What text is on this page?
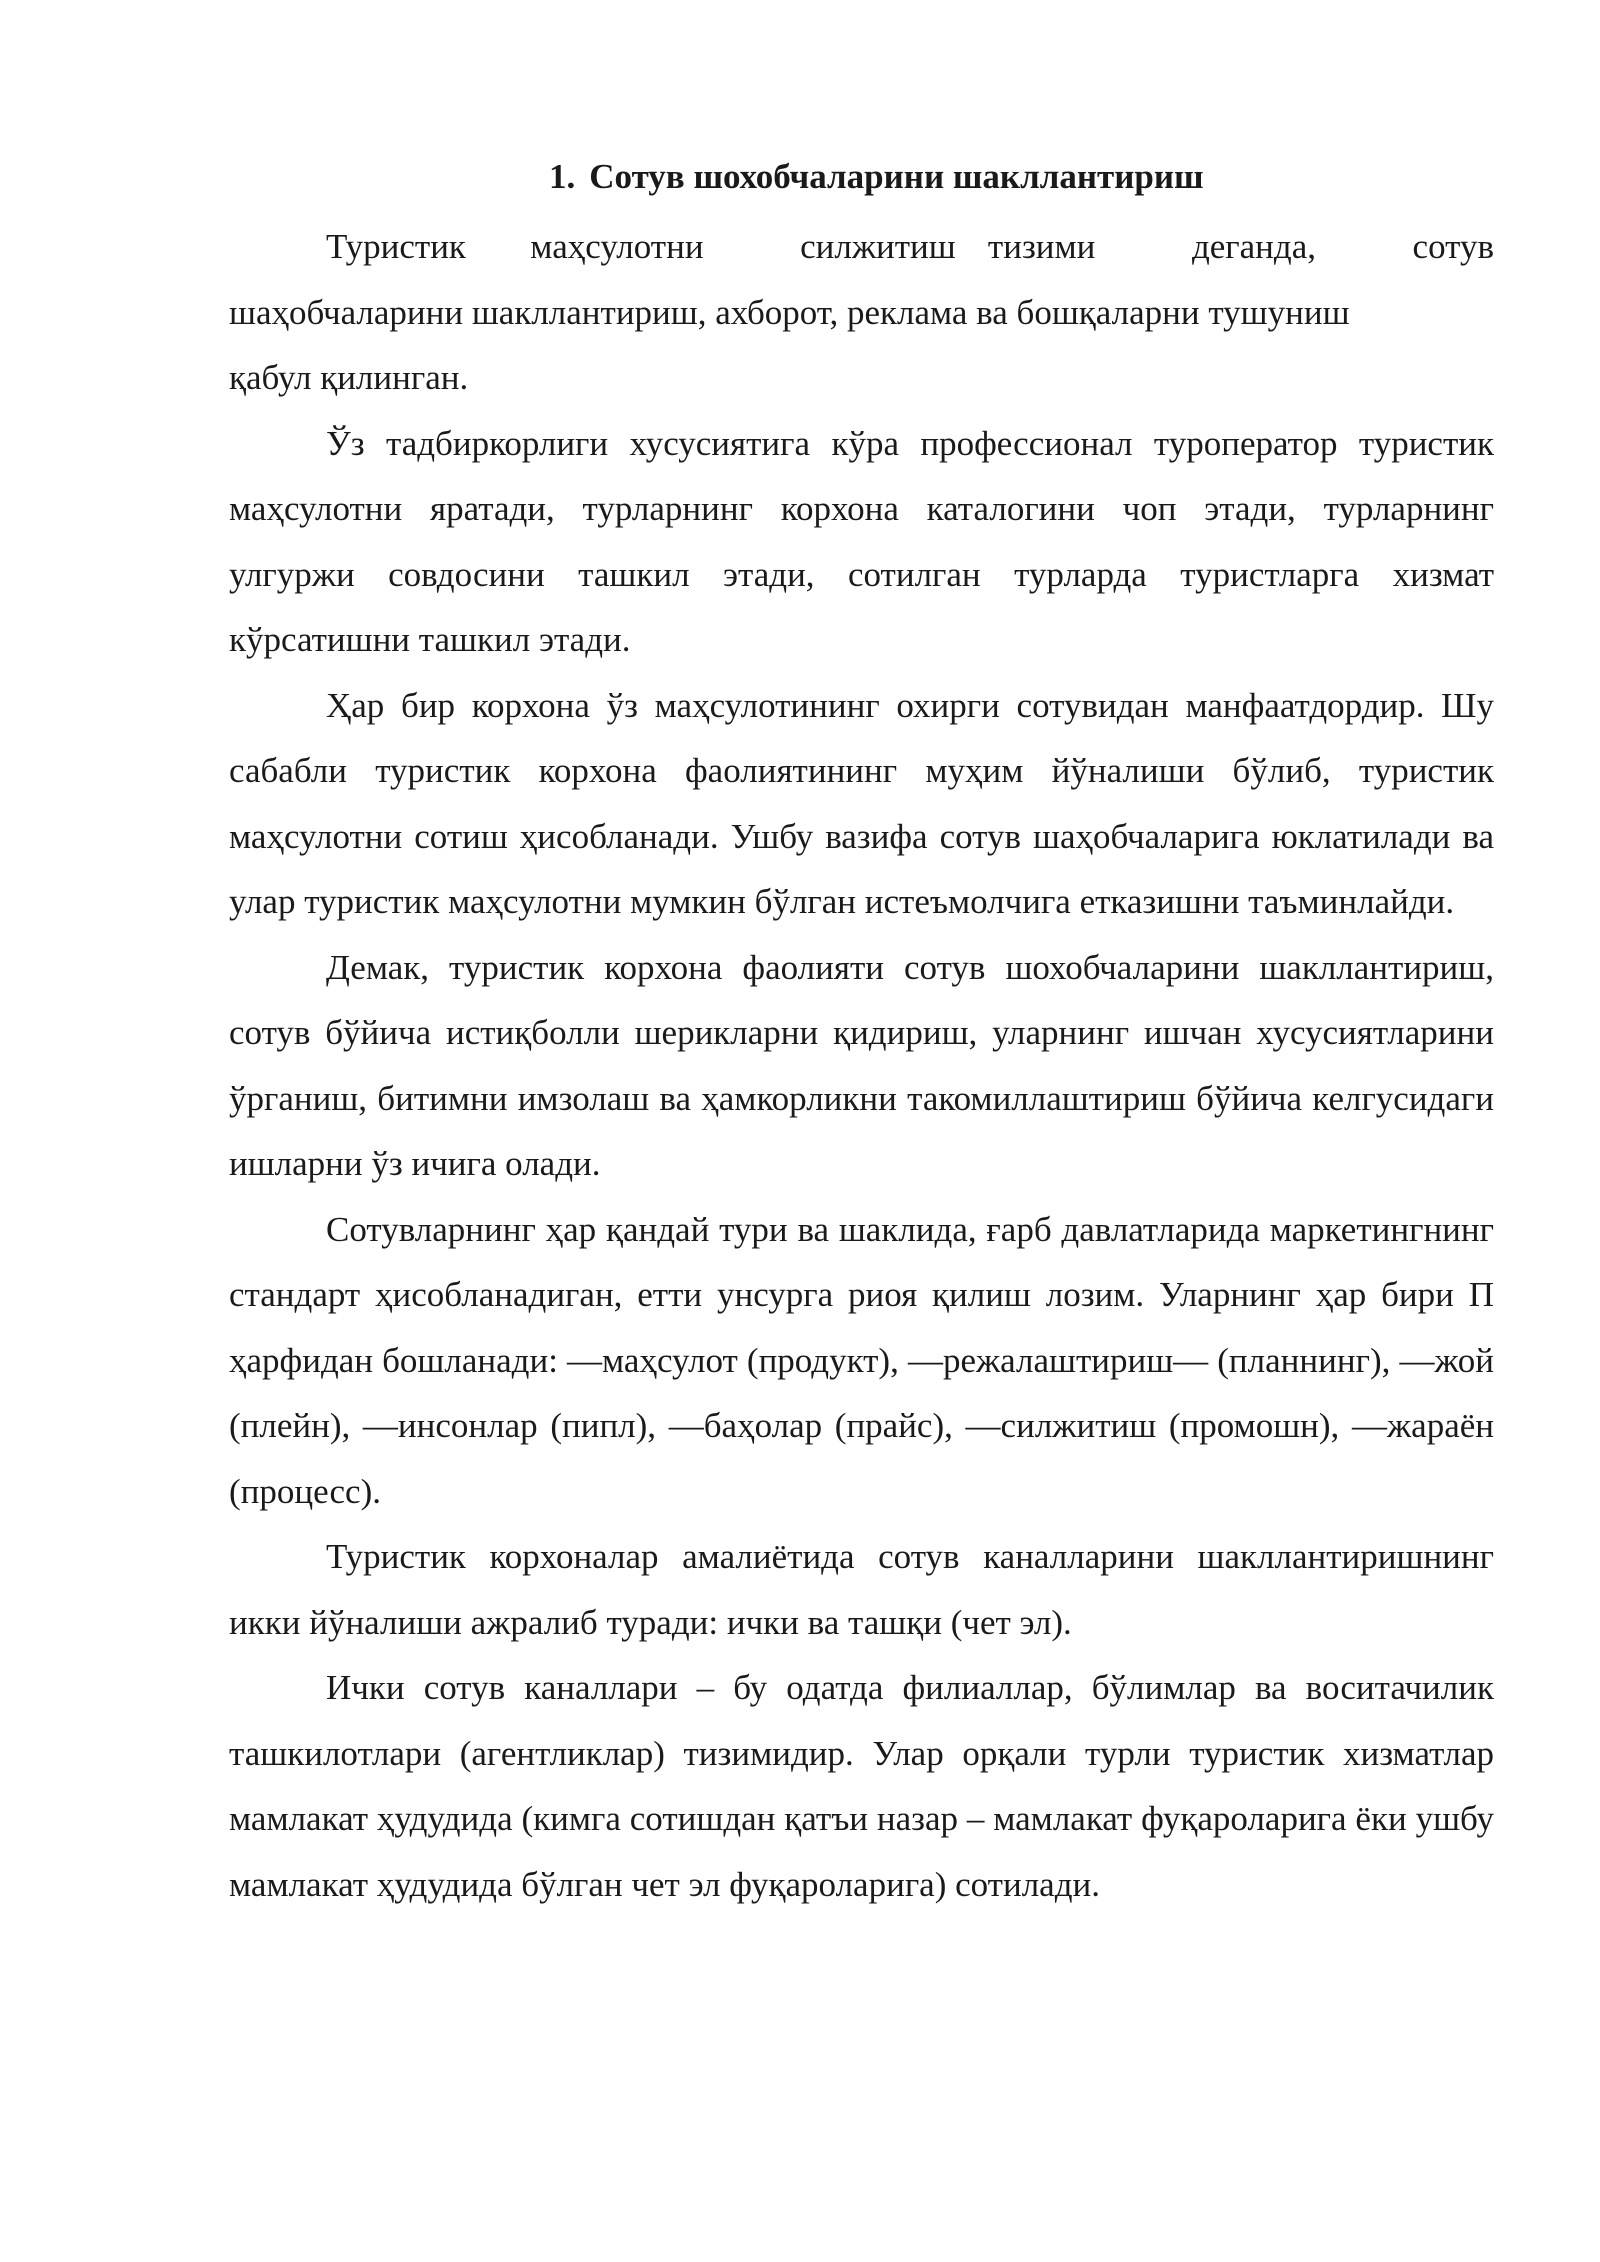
1. Сотув шохобчаларини шакллантириш

Туристик    маҳсулотни      силжитиш  тизими      деганда,      сотув
шаҳобчаларини шакллантириш, ахборот, реклама ва бошқаларни тушуниш
қабул қилинган.

Ўз тадбиркорлиги хусусиятига кўра профессионал туроператор туристик маҳсулотни яратади, турларнинг корхона каталогини чоп этади, турларнинг улгуржи совдосини ташкил этади, сотилган турларда туристларга хизмат кўрсатишни ташкил этади.

Ҳар бир корхона ўз маҳсулотининг охирги сотувидан манфаатдордир. Шу сабабли туристик корхона фаолиятининг муҳим йўналиши бўлиб, туристик маҳсулотни сотиш ҳисобланади. Ушбу вазифа сотув шаҳобчаларига юклатилади ва улар туристик маҳсулотни мумкин бўлган истеъмолчига етказишни таъминлайди.

Демак, туристик корхона фаолияти сотув шохобчаларини шакллантириш, сотув бўйича истиқболли шерикларни қидириш, уларнинг ишчан хусусиятларини ўрганиш, битимни имзолаш ва ҳамкорликни такомиллаштириш бўйича келгусидаги ишларни ўз ичига олади.

Сотувларнинг ҳар қандай тури ва шаклида, ғарб давлатларида маркетингнинг стандарт ҳисобланадиган, етти унсурга риоя қилиш лозим. Уларнинг ҳар бири П ҳарфидан бошланади: ―маҳсулот (продукт), ―режалаштириш― (планнинг), ―жой (плейн), ―инсонлар (пипл), ―баҳолар (прайс), ―силжитиш (промошн), ―жараён (процесс).

Туристик корхоналар амалиётида сотув каналларини шакллантиришнинг икки йўналиши ажралиб туради: ички ва ташқи (чет эл).

Ички сотув каналлари – бу одатда филиаллар, бўлимлар ва воситачилик ташкилотлари (агентликлар) тизимидир. Улар орқали турли туристик хизматлар мамлакат ҳудудида (кимга сотишдан қатъи назар – мамлакат фуқароларига ёки ушбу мамлакат ҳудудида бўлган чет эл фуқароларига) сотилади.
